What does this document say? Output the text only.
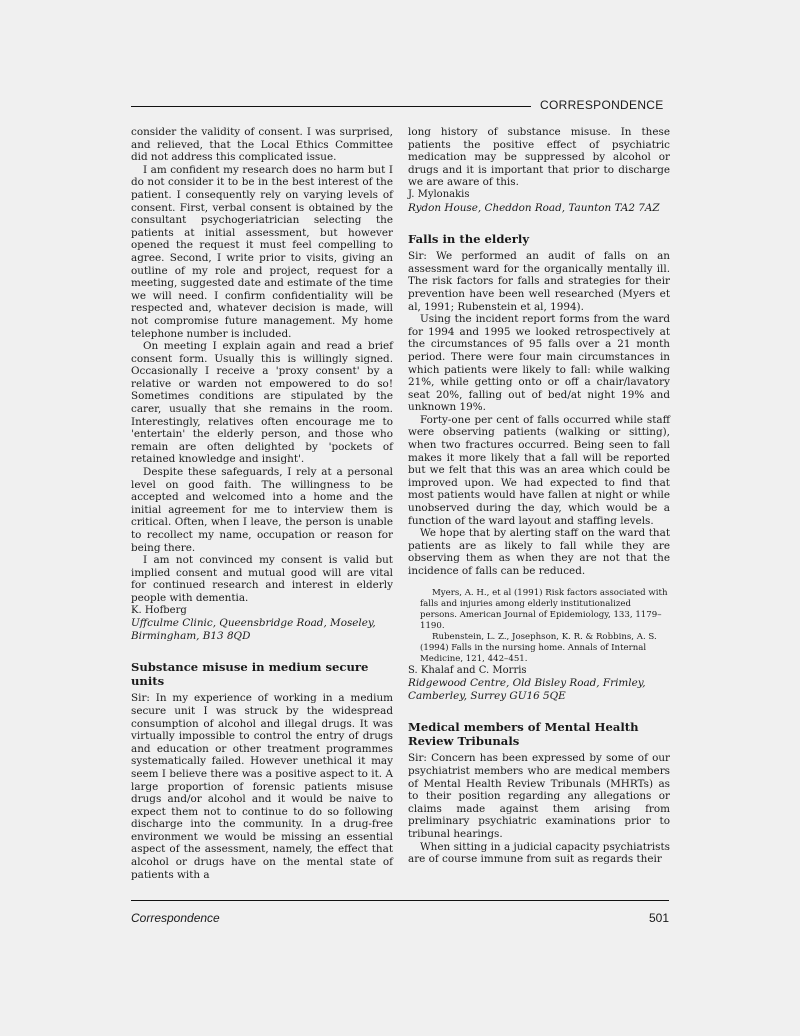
CORRESPONDENCE

consider the validity of consent. I was surprised, and relieved, that the Local Ethics Committee did not address this complicated issue.

I am confident my research does no harm but I do not consider it to be in the best interest of the patient. I consequently rely on varying levels of consent. First, verbal consent is obtained by the consultant psychogeriatrician selecting the patients at initial assessment, but however opened the request it must feel compelling to agree. Second, I write prior to visits, giving an outline of my role and project, request for a meeting, suggested date and estimate of the time we will need. I confirm confidentiality will be respected and, whatever decision is made, will not compromise future management. My home telephone number is included.

On meeting I explain again and read a brief consent form. Usually this is willingly signed. Occasionally I receive a 'proxy consent' by a relative or warden not empowered to do so! Sometimes conditions are stipulated by the carer, usually that she remains in the room. Interestingly, relatives often encourage me to 'entertain' the elderly person, and those who remain are often delighted by 'pockets of retained knowledge and insight'.

Despite these safeguards, I rely at a personal level on good faith. The willingness to be accepted and welcomed into a home and the initial agreement for me to interview them is critical. Often, when I leave, the person is unable to recollect my name, occupation or reason for being there.

I am not convinced my consent is valid but implied consent and mutual good will are vital for continued research and interest in elderly people with dementia.

K. Hofberg

Uffculme Clinic, Queensbridge Road, Moseley, Birmingham, B13 8QD

Substance misuse in medium secure units

Sir: In my experience of working in a medium secure unit I was struck by the widespread consumption of alcohol and illegal drugs. It was virtually impossible to control the entry of drugs and education or other treatment programmes systematically failed. However unethical it may seem I believe there was a positive aspect to it. A large proportion of forensic patients misuse drugs and/or alcohol and it would be naive to expect them not to continue to do so following discharge into the community. In a drug-free environment we would be missing an essential aspect of the assessment, namely, the effect that alcohol or drugs have on the mental state of patients with a

long history of substance misuse. In these patients the positive effect of psychiatric medication may be suppressed by alcohol or drugs and it is important that prior to discharge we are aware of this.

J. Mylonakis

Rydon House, Cheddon Road, Taunton TA2 7AZ

Falls in the elderly

Sir: We performed an audit of falls on an assessment ward for the organically mentally ill. The risk factors for falls and strategies for their prevention have been well researched (Myers et al, 1991; Rubenstein et al, 1994).

Using the incident report forms from the ward for 1994 and 1995 we looked retrospectively at the circumstances of 95 falls over a 21 month period. There were four main circumstances in which patients were likely to fall: while walking 21%, while getting onto or off a chair/lavatory seat 20%, falling out of bed/at night 19% and unknown 19%.

Forty-one per cent of falls occurred while staff were observing patients (walking or sitting), when two fractures occurred. Being seen to fall makes it more likely that a fall will be reported but we felt that this was an area which could be improved upon. We had expected to find that most patients would have fallen at night or while unobserved during the day, which would be a function of the ward layout and staffing levels.

We hope that by alerting staff on the ward that patients are as likely to fall while they are observing them as when they are not that the incidence of falls can be reduced.

Myers, A. H., et al (1991) Risk factors associated with falls and injuries among elderly institutionalized persons. American Journal of Epidemiology, 133, 1179–1190.

Rubenstein, L. Z., Josephson, K. R. & Robbins, A. S. (1994) Falls in the nursing home. Annals of Internal Medicine, 121, 442–451.

S. Khalaf and C. Morris

Ridgewood Centre, Old Bisley Road, Frimley, Camberley, Surrey GU16 5QE

Medical members of Mental Health Review Tribunals

Sir: Concern has been expressed by some of our psychiatrist members who are medical members of Mental Health Review Tribunals (MHRTs) as to their position regarding any allegations or claims made against them arising from preliminary psychiatric examinations prior to tribunal hearings.

When sitting in a judicial capacity psychiatrists are of course immune from suit as regards their

Correspondence	501
